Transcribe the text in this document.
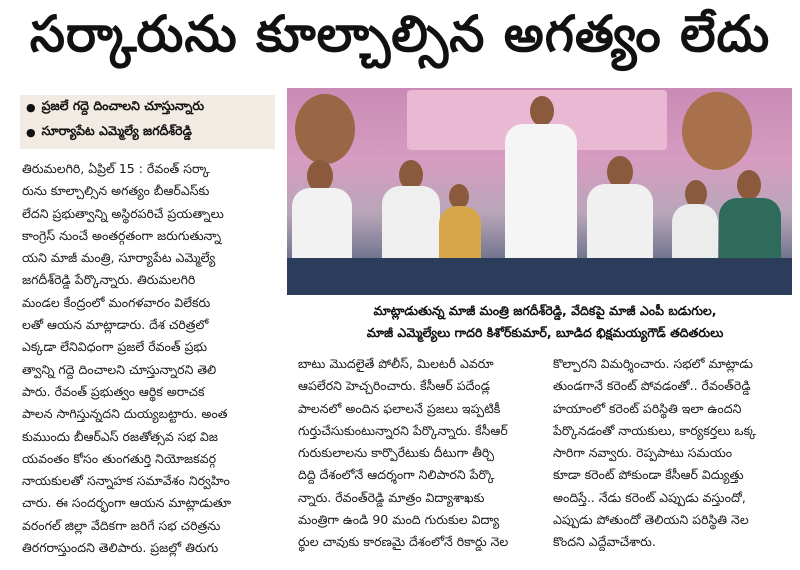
సర్కారును కూల్చాల్సిన అగత్యం లేదు
● ప్రజలే గద్దె దించాలని చూస్తున్నారు
● సూర్యాపేట ఎమ్మెల్యే జగదీశ్‌రెడ్డి
మాట్లాడుతున్న మాజీ మంత్రి జగదీశ్‌రెడ్డి, వేదికపై మాజీ ఎంపీ బడుగుల,
మాజీ ఎమ్మెల్యేలు గాదరి కిశోర్‌కుమార్, బూడిద భిక్షమయ్యగౌడ్ తదితరులు

తిరుమలగిరి, ఏప్రిల్ 15 : రేవంత్ సర్కా

రును కూల్చాల్సిన అగత్యం బీఆర్‌ఎస్‌కు

లేదని ప్రభుత్వాన్ని అస్థిరపరిచే ప్రయత్నాలు

కాంగ్రెస్ నుంచే అంతర్గతంగా జరుగుతున్నా

యని మాజీ మంత్రి, సూర్యాపేట ఎమ్మెల్యే

జగదీశ్‌రెడ్డి పేర్కొన్నారు. తిరుమలగిరి

మండల కేంద్రంలో మంగళవారం విలేకరు

లతో ఆయన మాట్లాడారు. దేశ చరిత్రలో

ఎక్కడా లేనివిధంగా ప్రజలే రేవంత్ ప్రభు

త్వాన్ని గద్దె దించాలని చూస్తున్నారని తెలి

పారు. రేవంత్ ప్రభుత్వం ఆర్థిక అరాచక

పాలన సాగిస్తున్నదని దుయ్యబట్టారు. అంత

కుముందు బీఆర్‌ఎస్ రజతోత్సవ సభ విజ

యవంతం కోసం తుంగతుర్తి నియోజకవర్గ

నాయకులతో సన్నాహక సమావేశం నిర్వహిం

చారు. ఈ సందర్భంగా ఆయన మాట్లాడుతూ

వరంగల్ జిల్లా వేదికగా జరిగే సభ చరిత్రను

తిరగరాస్తుందని తెలిపారు. ప్రజల్లో తిరుగు

బాటు మొదలైతే పోలీస్, మిలటరీ ఎవరూ

ఆపలేరని హెచ్చరించారు. కేసీఆర్ పదేండ్ల

పాలనలో అందిన ఫలాలనే ప్రజలు ఇప్పటికీ

గుర్తుచేసుకుంటున్నారని పేర్కొన్నారు. కేసీఆర్

గురుకులాలను కార్పొరేటుకు దీటుగా తీర్చి

దిద్ది దేశంలోనే ఆదర్శంగా నిలిపారని పేర్కొ

న్నారు. రేవంత్‌రెడ్డి మాత్రం విద్యాశాఖకు

మంత్రిగా ఉండి 90 మంది గురుకుల విద్యా

ర్థుల చావుకు కారణమై దేశంలోనే రికార్డు నెల

కొల్పారని విమర్శించారు. సభలో మాట్లాడు

తుండగానే కరెంట్ పోవడంతో.. రేవంత్‌రెడ్డి

హయాంలో కరెంట్ పరిస్థితి ఇలా ఉందని

పేర్కొనడంతో నాయకులు, కార్యకర్తలు ఒక్క

సారిగా నవ్వారు. రెప్పపాటు సమయం

కూడా కరెంట్ పోకుండా కేసీఆర్ విద్యుత్తు

అందిస్తే.. నేడు కరెంట్ ఎప్పుడు వస్తుందో,

ఎప్పుడు పోతుందో తెలియని పరిస్థితి నెల

కొందని ఎద్దేవాచేశారు.
